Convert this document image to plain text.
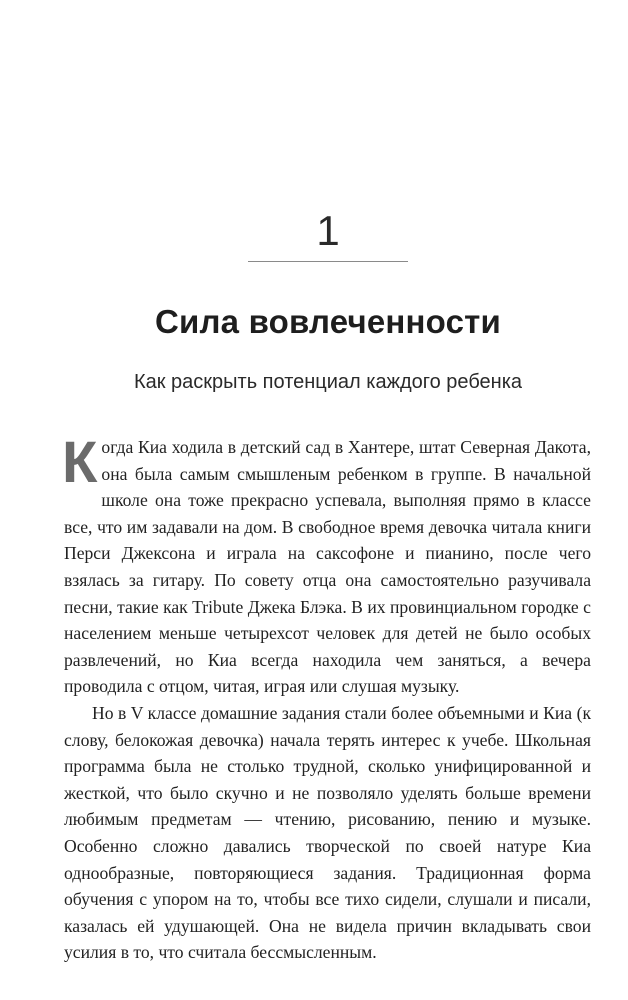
1
Сила вовлеченности
Как раскрыть потенциал каждого ребенка

Когда Киа ходила в детский сад в Хантере, штат Северная Дакота, она была самым смышленым ребенком в группе. В начальной школе она тоже прекрасно успевала, выполняя прямо в классе все, что им задавали на дом. В свободное время девочка читала книги Перси Джексона и играла на саксофоне и пианино, после чего взялась за гитару. По совету отца она самостоятельно разучивала песни, такие как Tribute Джека Блэка. В их провинциальном городке с населением меньше четырехсот человек для детей не было особых развлечений, но Киа всегда находила чем заняться, а вечера проводила с отцом, читая, играя или слушая музыку.

Но в V классе домашние задания стали более объемными и Киа (к слову, белокожая девочка) начала терять интерес к учебе. Школьная программа была не столько трудной, сколько унифицированной и жесткой, что было скучно и не позволяло уделять больше времени любимым предметам — чтению, рисованию, пению и музыке. Особенно сложно давались творческой по своей натуре Киа однообразные, повторяющиеся задания. Традиционная форма обучения с упором на то, чтобы все тихо сидели, слушали и писали, казалась ей удушающей. Она не видела причин вкладывать свои усилия в то, что считала бессмысленным.
